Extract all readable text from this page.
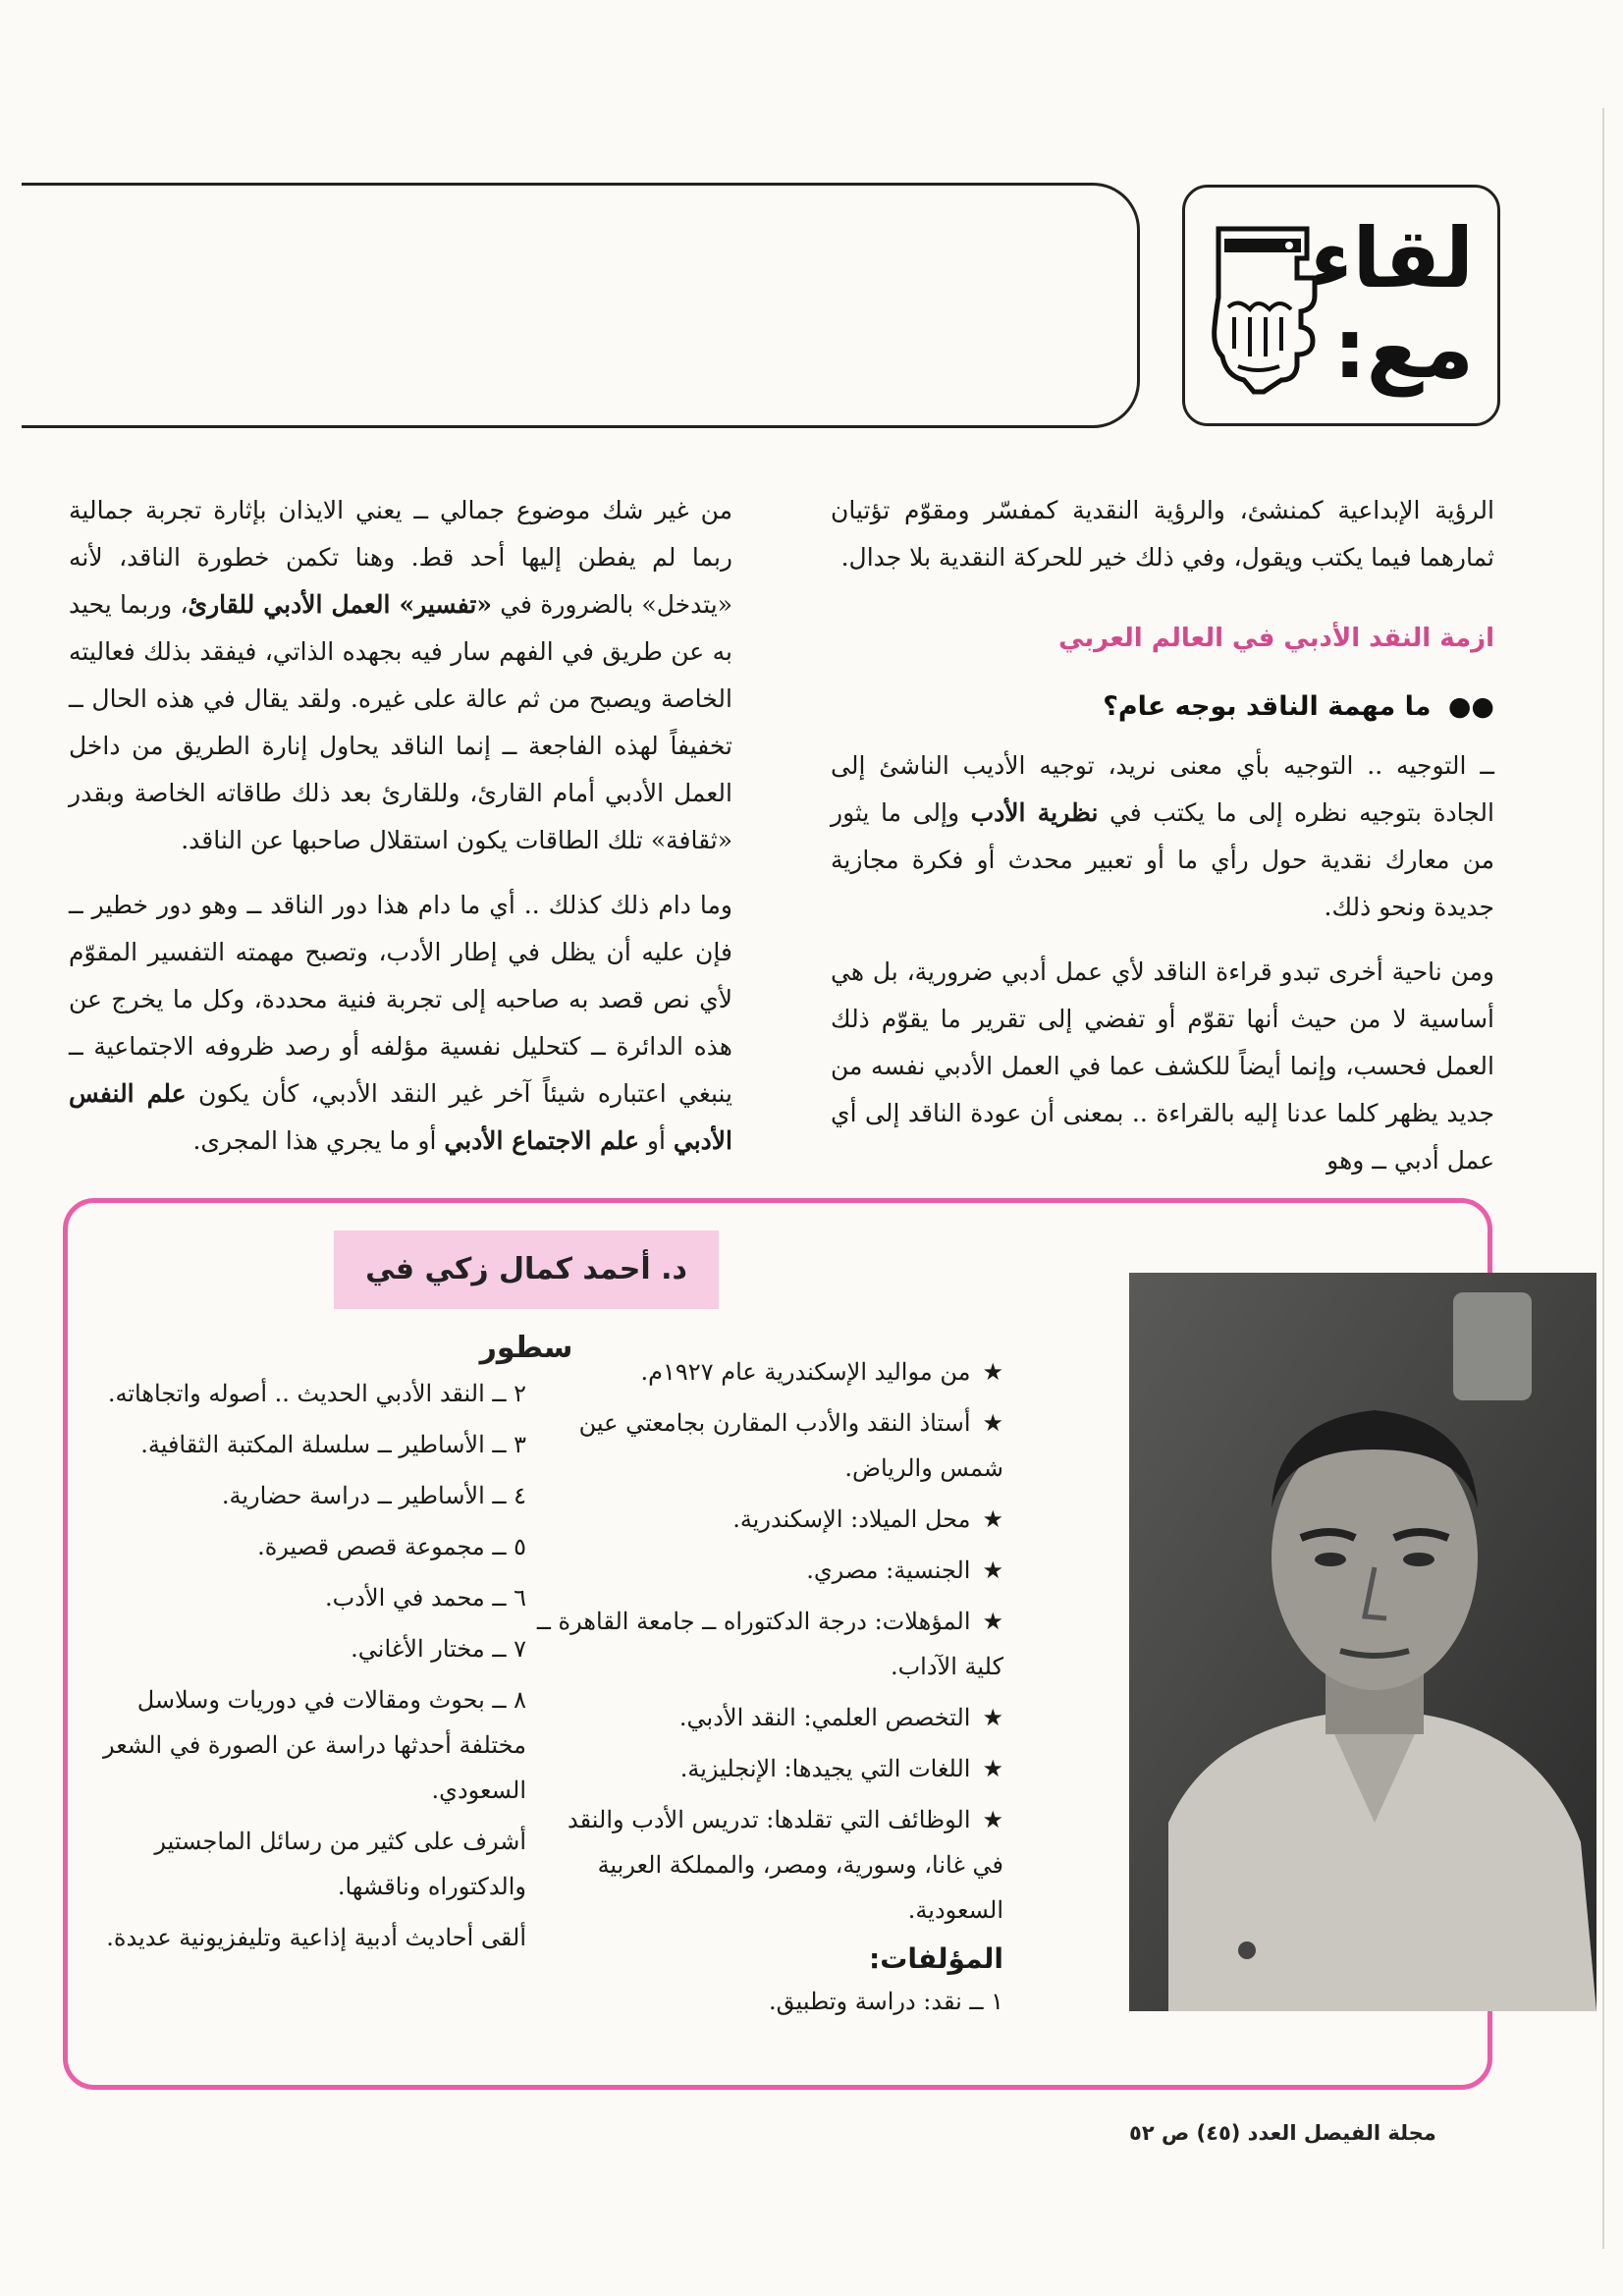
لقاء
مع:

الرؤية الإبداعية كمنشئ، والرؤية النقدية كمفسّر ومقوّم تؤتيان ثمارهما فيما يكتب ويقول، وفي ذلك خير للحركة النقدية بلا جدال.

ازمة النقد الأدبي في العالم العربي
●● ما مهمة الناقد بوجه عام؟

ــ التوجيه .. التوجيه بأي معنى نريد، توجيه الأديب الناشئ إلى الجادة بتوجيه نظره إلى ما يكتب في نظرية الأدب وإلى ما يثور من معارك نقدية حول رأي ما أو تعبير محدث أو فكرة مجازية جديدة ونحو ذلك.

ومن ناحية أخرى تبدو قراءة الناقد لأي عمل أدبي ضرورية، بل هي أساسية لا من حيث أنها تقوّم أو تفضي إلى تقرير ما يقوّم ذلك العمل فحسب، وإنما أيضاً للكشف عما في العمل الأدبي نفسه من جديد يظهر كلما عدنا إليه بالقراءة .. بمعنى أن عودة الناقد إلى أي عمل أدبي ــ وهو

من غير شك موضوع جمالي ــ يعني الايذان بإثارة تجربة جمالية ربما لم يفطن إليها أحد قط. وهنا تكمن خطورة الناقد، لأنه «يتدخل» بالضرورة في «تفسير» العمل الأدبي للقارئ، وربما يحيد به عن طريق في الفهم سار فيه بجهده الذاتي، فيفقد بذلك فعاليته الخاصة ويصبح من ثم عالة على غيره. ولقد يقال في هذه الحال ــ تخفيفاً لهذه الفاجعة ــ إنما الناقد يحاول إنارة الطريق من داخل العمل الأدبي أمام القارئ، وللقارئ بعد ذلك طاقاته الخاصة وبقدر «ثقافة» تلك الطاقات يكون استقلال صاحبها عن الناقد.

وما دام ذلك كذلك .. أي ما دام هذا دور الناقد ــ وهو دور خطير ــ فإن عليه أن يظل في إطار الأدب، وتصبح مهمته التفسير المقوّم لأي نص قصد به صاحبه إلى تجربة فنية محددة، وكل ما يخرج عن هذه الدائرة ــ كتحليل نفسية مؤلفه أو رصد ظروفه الاجتماعية ــ ينبغي اعتباره شيئاً آخر غير النقد الأدبي، كأن يكون علم النفس الأدبي أو علم الاجتماع الأدبي أو ما يجري هذا المجرى.

د. أحمد كمال زكي في سطور
★من مواليد الإسكندرية عام ١٩٢٧م.
★أستاذ النقد والأدب المقارن بجامعتي عين شمس والرياض.
★محل الميلاد: الإسكندرية.
★الجنسية: مصري.
★المؤهلات: درجة الدكتوراه ــ جامعة القاهرة ــ كلية الآداب.
★التخصص العلمي: النقد الأدبي.
★اللغات التي يجيدها: الإنجليزية.
★الوظائف التي تقلدها: تدريس الأدب والنقد في غانا، وسورية، ومصر، والمملكة العربية السعودية.
المؤلفات:
١ ــ نقد: دراسة وتطبيق.
٢ ــ النقد الأدبي الحديث .. أصوله واتجاهاته.
٣ ــ الأساطير ــ سلسلة المكتبة الثقافية.
٤ ــ الأساطير ــ دراسة حضارية.
٥ ــ مجموعة قصص قصيرة.
٦ ــ محمد في الأدب.
٧ ــ مختار الأغاني.
٨ ــ بحوث ومقالات في دوريات وسلاسل مختلفة أحدثها دراسة عن الصورة في الشعر السعودي.
أشرف على كثير من رسائل الماجستير والدكتوراه وناقشها.
ألقى أحاديث أدبية إذاعية وتليفزيونية عديدة.
مجلة الفيصل العدد (٤٥) ص ٥٢
